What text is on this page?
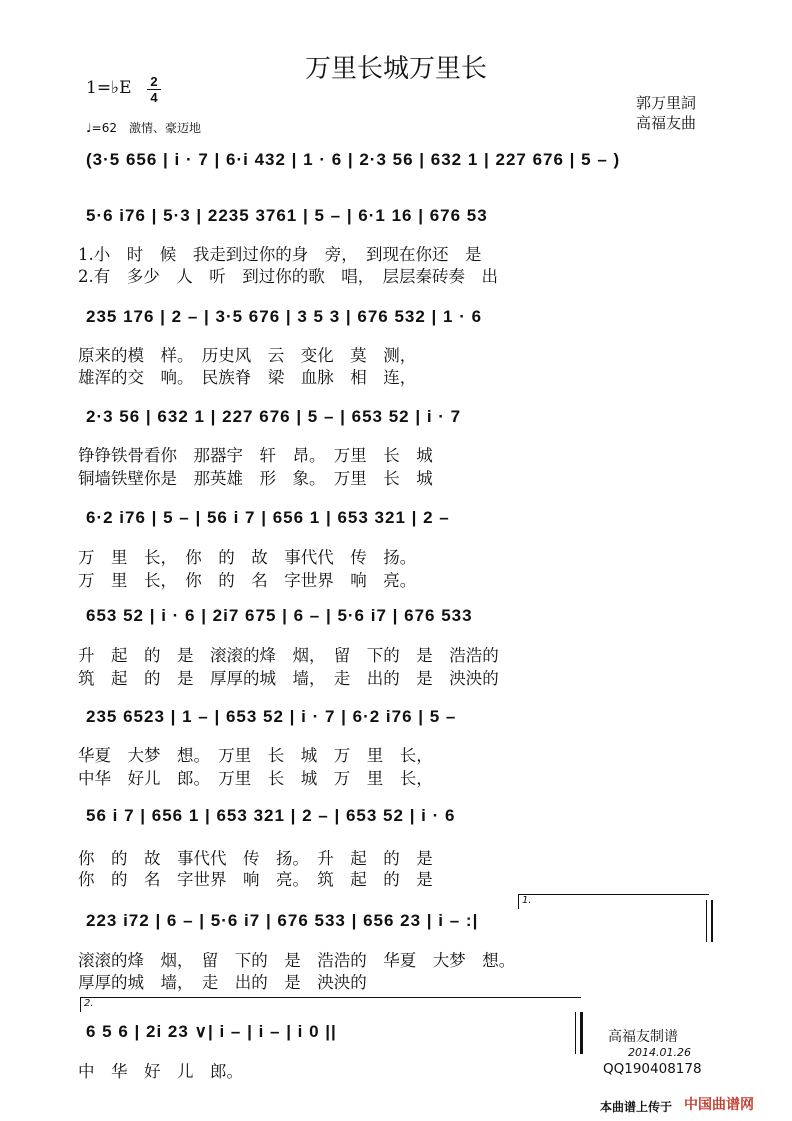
万里长城万里长
1=♭E 2
4
♩=62　激情、豪迈地
郭万里詞
高福友曲
(3·5 656 | i · 7 | 6·i 432 | 1 · 6 | 2·3 56 | 632 1 | 227 676 | 5 – )
5·6 i76 | 5·3 | 2235 3761 | 5 – | 6·1 16 | 676 53
1.小　时　候　我走到过你的身　旁，　到现在你还　是
2.有　多少　人　听　到过你的歌　唱，　层层秦砖奏　出
235 176 | 2 – | 3·5 676 | 3 5 3 | 676 532 | 1 · 6
原来的模　样。　历史风　云　变化　莫　测，
雄浑的交　响。　民族脊　梁　血脉　相　连，
2·3 56 | 632 1 | 227 676 | 5 – | 653 52 | i · 7
铮铮铁骨看你　那器宇　轩　昂。　万里　长　城
铜墙铁壁你是　那英雄　形　象。　万里　长　城
6·2 i76 | 5 – | 56 i 7 | 656 1 | 653 321 | 2 –
万　里　长，　你　的　故　事代代　传　扬。
万　里　长，　你　的　名　字世界　响　亮。
653 52 | i · 6 | 2i7 675 | 6 – | 5·6 i7 | 676 533
升　起　的　是　滚滚的烽　烟，　留　下的　是　浩浩的
筑　起　的　是　厚厚的城　墙，　走　出的　是　泱泱的
235 6523 | 1 – | 653 52 | i · 7 | 6·2 i76 | 5 –
华夏　大梦　想。　万里　长　城　万　里　长，
中华　好儿　郎。　万里　长　城　万　里　长，
56 i 7 | 656 1 | 653 321 | 2 – | 653 52 | i · 6
你　的　故　事代代　传　扬。　升　起　的　是
你　的　名　字世界　响　亮。　筑　起　的　是
1.
223 i72 | 6 – | 5·6 i7 | 676 533 | 656 23 | i – :|
滚滚的烽　烟，　留　下的　是　浩浩的　华夏　大梦　想。
厚厚的城　墙，　走　出的　是　泱泱的
2.
6 5 6 | 2i 23 ∨| i – | i – | i 0 ||
中　华　好　儿　郎。
高福友制谱
2014.01.26
QQ190408178
本曲谱上传于 中国曲谱网
